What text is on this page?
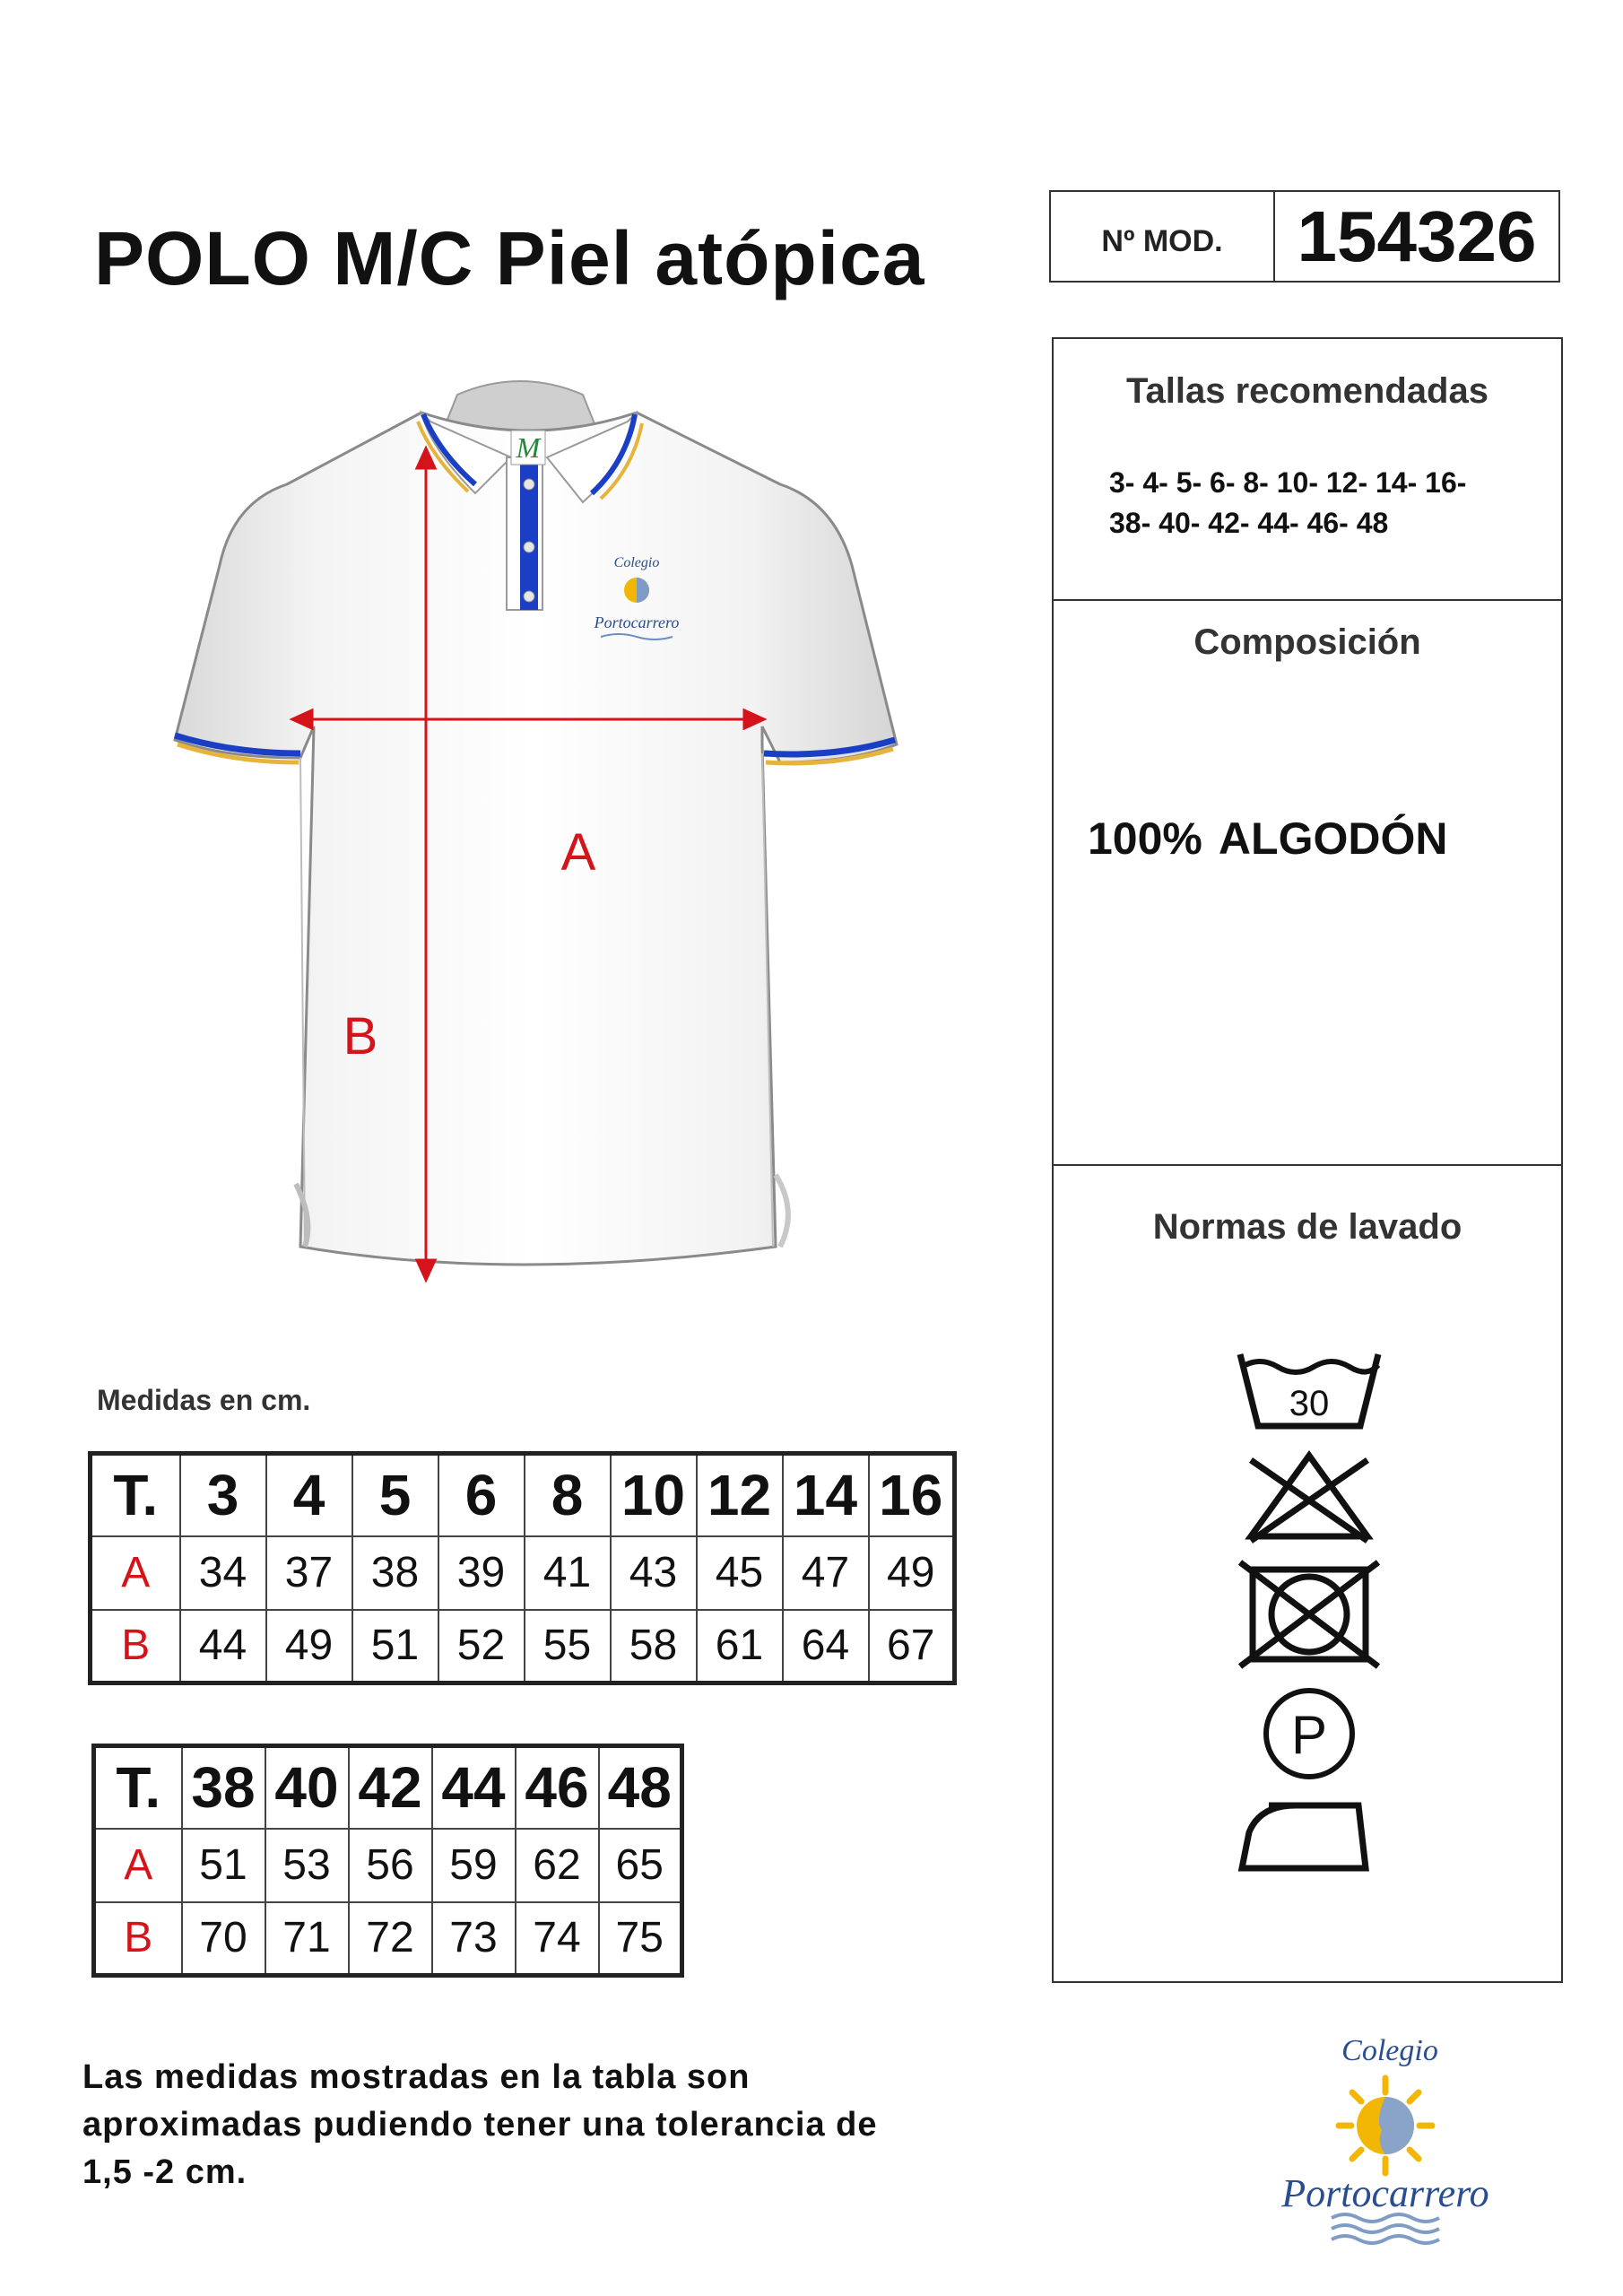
POLO M/C Piel atópica	Nº MOD.	154326
M
Colegio
Portocarrero
A
B
Tallas recomendadas
3- 4- 5- 6- 8- 10- 12- 14- 16-
38- 40- 42- 44- 46- 48
Composición
100% ALGODÓN
Normas de lavado
30
P
Medidas en cm.
T.	3	4	5	6	8	10	12	14	16
A	34	37	38	39	41	43	45	47	49
B	44	49	51	52	55	58	61	64	67
T.	38	40	42	44	46	48
A	51	53	56	59	62	65
B	70	71	72	73	74	75
Las medidas mostradas en la tabla son
aproximadas pudiendo tener una tolerancia de
1,5 -2 cm.
Colegio
Portocarrero
